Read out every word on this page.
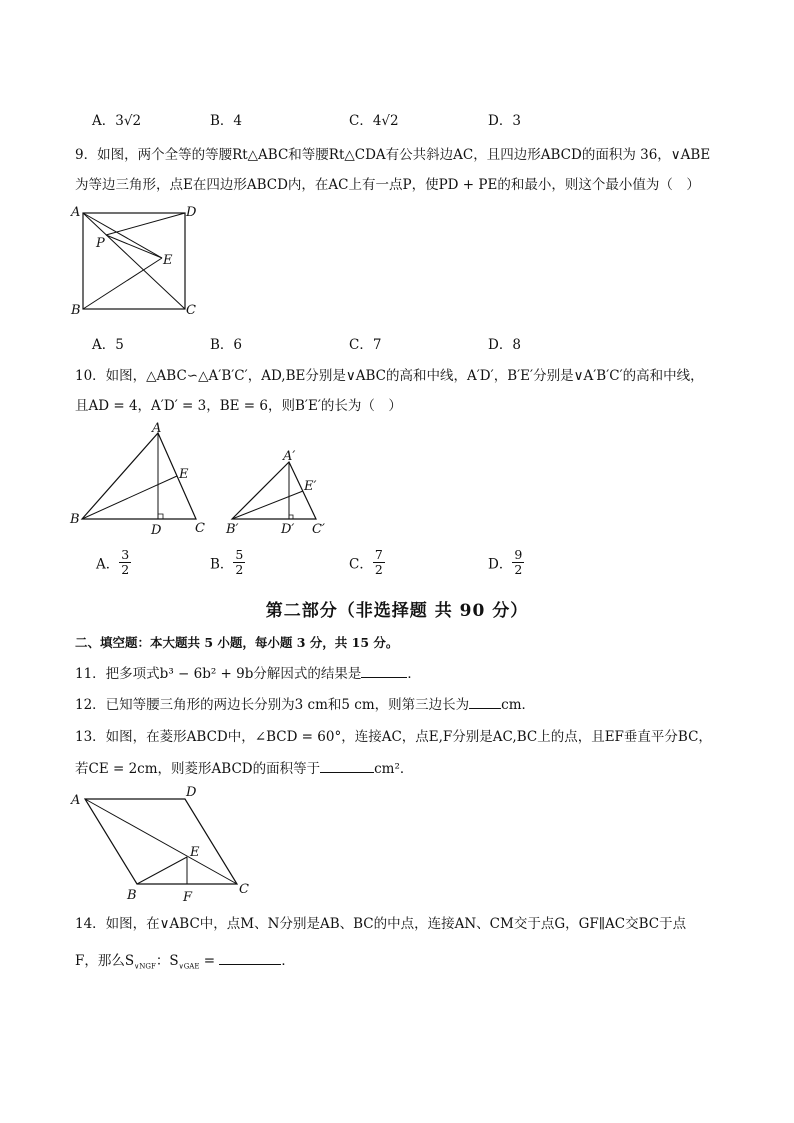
A．3√2	B．4	C．4√2	D．3
9．如图，两个全等的等腰Rt△ABC和等腰Rt△CDA有公共斜边AC，且四边形ABCD的面积为 36，∨ABE
为等边三角形，点E在四边形ABCD内，在AC上有一点P，使PD + PE的和最小，则这个最小值为（　）
A	D
P
E
B	C
A．5	B．6	C．7	D．8
10．如图，△ABC∽△A′B′C′，AD,BE分别是∨ABC的高和中线，A′D′，B′E′分别是∨A′B′C′的高和中线，
且AD = 4，A′D′ = 3，BE = 6，则B′E′的长为（　）
A
E
B
D	C
A′
E′
B′	D′ C′
A． $\frac{3}{2}$	B． $\frac{5}{2}$	C． $\frac{7}{2}$	D． $\frac{9}{2}$
第二部分（非选择题 共 90 分）
二、填空题：本大题共 5 小题，每小题 3 分，共 15 分。
11．把多项式b³ − 6b² + 9b分解因式的结果是	．
12．已知等腰三角形的两边长分别为3 cm和5 cm，则第三边长为 cm．
13．如图，在菱形ABCD中，∠BCD = 60°，连接AC，点E,F分别是AC,BC上的点，且EF垂直平分BC，
若CE = 2cm，则菱形ABCD的面积等于	cm²．
A
D
E
B	F
C
14．如图，在∨ABC中，点M、N分别是AB、BC的中点，连接AN、CM交于点G，GF∥AC交BC于点
F，那么$S_{\vee NGF}$：$S_{\vee GAE}$ =	．
